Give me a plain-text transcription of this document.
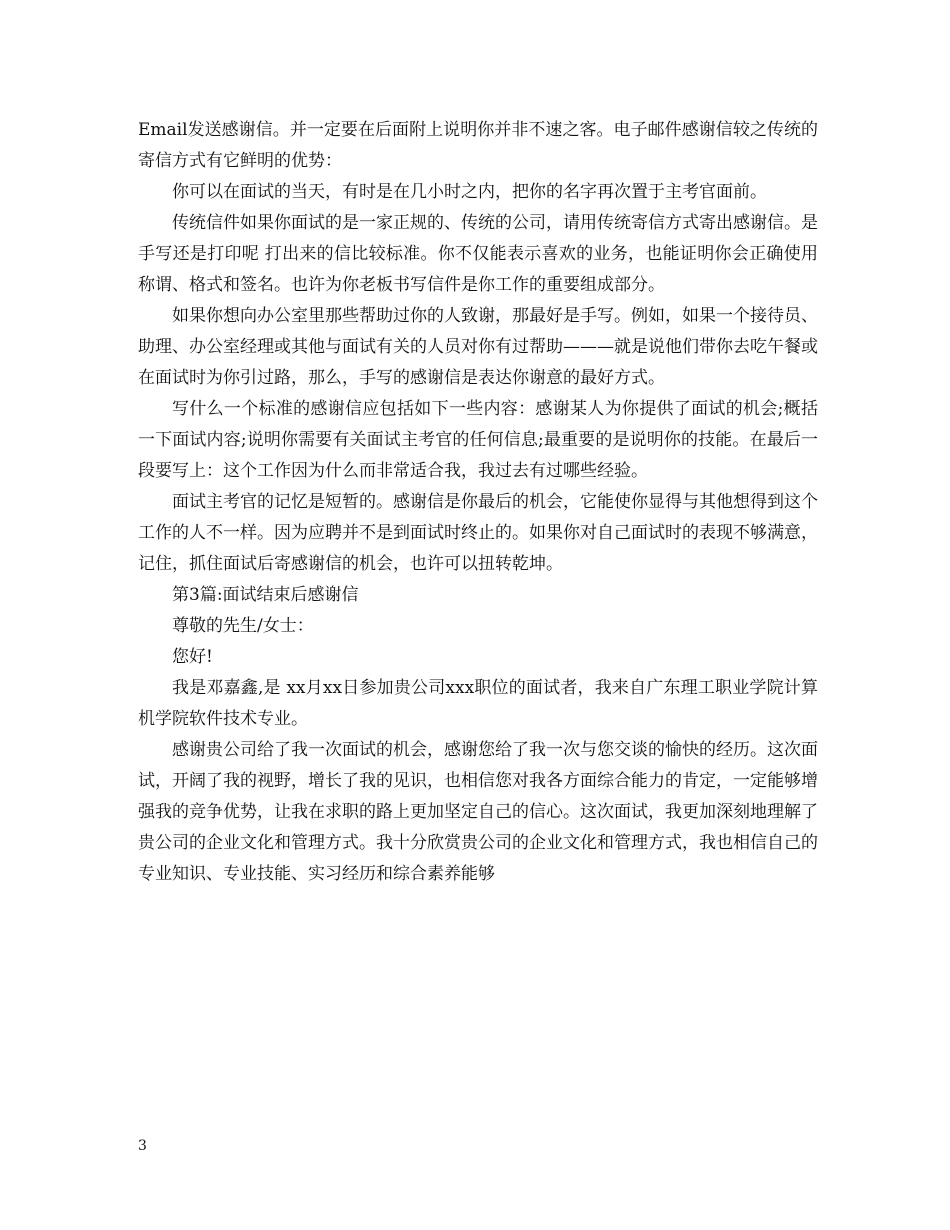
Email发送感谢信。并一定要在后面附上说明你并非不速之客。电子邮件感谢信较之传统的寄信方式有它鲜明的优势：

你可以在面试的当天，有时是在几小时之内，把你的名字再次置于主考官面前。

传统信件如果你面试的是一家正规的、传统的公司，请用传统寄信方式寄出感谢信。是手写还是打印呢 打出来的信比较标准。你不仅能表示喜欢的业务，也能证明你会正确使用称谓、格式和签名。也许为你老板书写信件是你工作的重要组成部分。

如果你想向办公室里那些帮助过你的人致谢，那最好是手写。例如，如果一个接待员、助理、办公室经理或其他与面试有关的人员对你有过帮助———就是说他们带你去吃午餐或在面试时为你引过路，那么，手写的感谢信是表达你谢意的最好方式。

写什么一个标准的感谢信应包括如下一些内容：感谢某人为你提供了面试的机会;概括一下面试内容;说明你需要有关面试主考官的任何信息;最重要的是说明你的技能。在最后一段要写上：这个工作因为什么而非常适合我，我过去有过哪些经验。

面试主考官的记忆是短暂的。感谢信是你最后的机会，它能使你显得与其他想得到这个工作的人不一样。因为应聘并不是到面试时终止的。如果你对自己面试时的表现不够满意，记住，抓住面试后寄感谢信的机会，也许可以扭转乾坤。

第3篇:面试结束后感谢信

尊敬的先生/女士：

您好!

我是邓嘉鑫,是 xx月xx日参加贵公司xxx职位的面试者，我来自广东理工职业学院计算机学院软件技术专业。

感谢贵公司给了我一次面试的机会，感谢您给了我一次与您交谈的愉快的经历。这次面试，开阔了我的视野，增长了我的见识，也相信您对我各方面综合能力的肯定，一定能够增强我的竞争优势，让我在求职的路上更加坚定自己的信心。这次面试，我更加深刻地理解了贵公司的企业文化和管理方式。我十分欣赏贵公司的企业文化和管理方式，我也相信自己的专业知识、专业技能、实习经历和综合素养能够

3
